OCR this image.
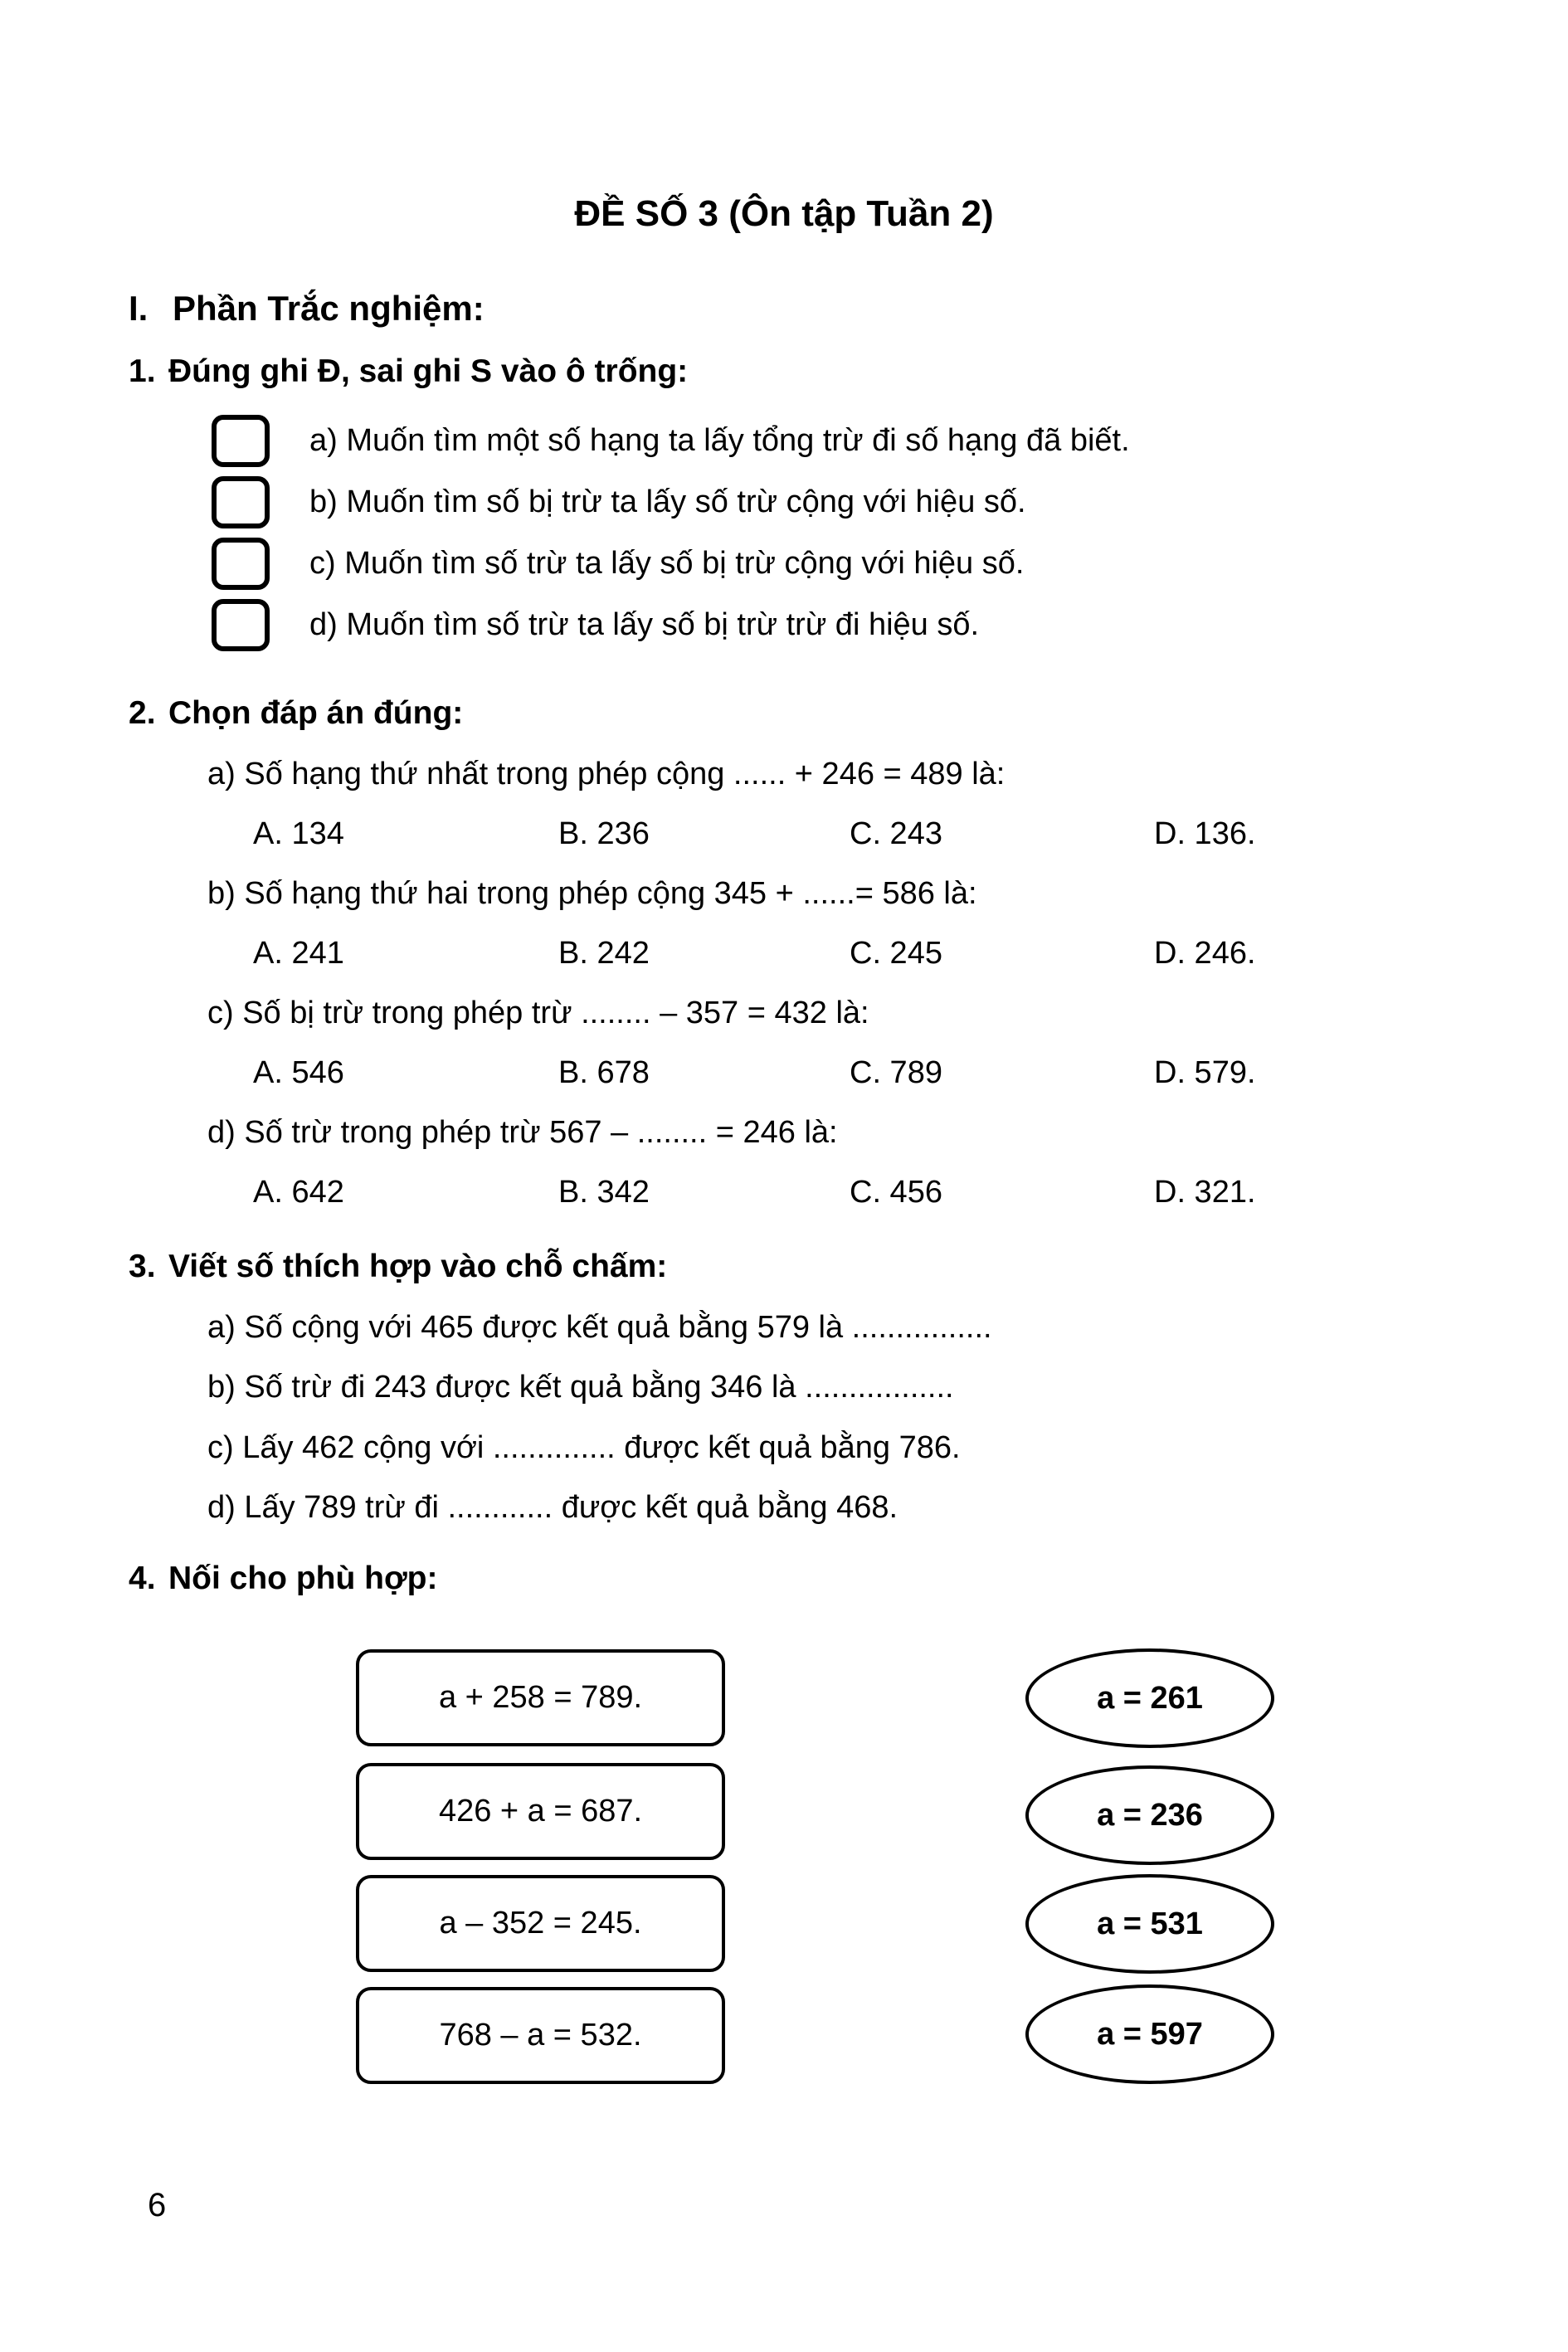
ĐỀ SỐ 3 (Ôn tập Tuần 2)
I. Phần Trắc nghiệm:
1. Đúng ghi Đ, sai ghi S vào ô trống:
a) Muốn tìm một số hạng ta lấy tổng trừ đi số hạng đã biết.
b) Muốn tìm số bị trừ ta lấy số trừ cộng với hiệu số.
c) Muốn tìm số trừ ta lấy số bị trừ cộng với hiệu số.
d) Muốn tìm số trừ ta lấy số bị trừ trừ đi hiệu số.
2. Chọn đáp án đúng:
a) Số hạng thứ nhất trong phép cộng ...... + 246 = 489 là:
A. 134	B. 236	C. 243	D. 136.
b) Số hạng thứ hai trong phép cộng 345 + ......= 586 là:
A. 241	B. 242	C. 245	D. 246.
c) Số bị trừ trong phép trừ ........ – 357 = 432 là:
A. 546	B. 678	C. 789	D. 579.
d) Số trừ trong phép trừ 567 – ........ = 246 là:
A. 642	B. 342	C. 456	D. 321.
3. Viết số thích hợp vào chỗ chấm:
a) Số cộng với 465 được kết quả bằng 579 là ................
b) Số trừ đi 243 được kết quả bằng 346 là .................
c) Lấy 462 cộng với .............. được kết quả bằng 786.
d) Lấy 789 trừ đi ............ được kết quả bằng 468.
4. Nối cho phù hợp:
a + 258 = 789.
426 + a = 687.
a – 352 = 245.
768 – a = 532.
a = 261
a = 236
a = 531
a = 597
6
